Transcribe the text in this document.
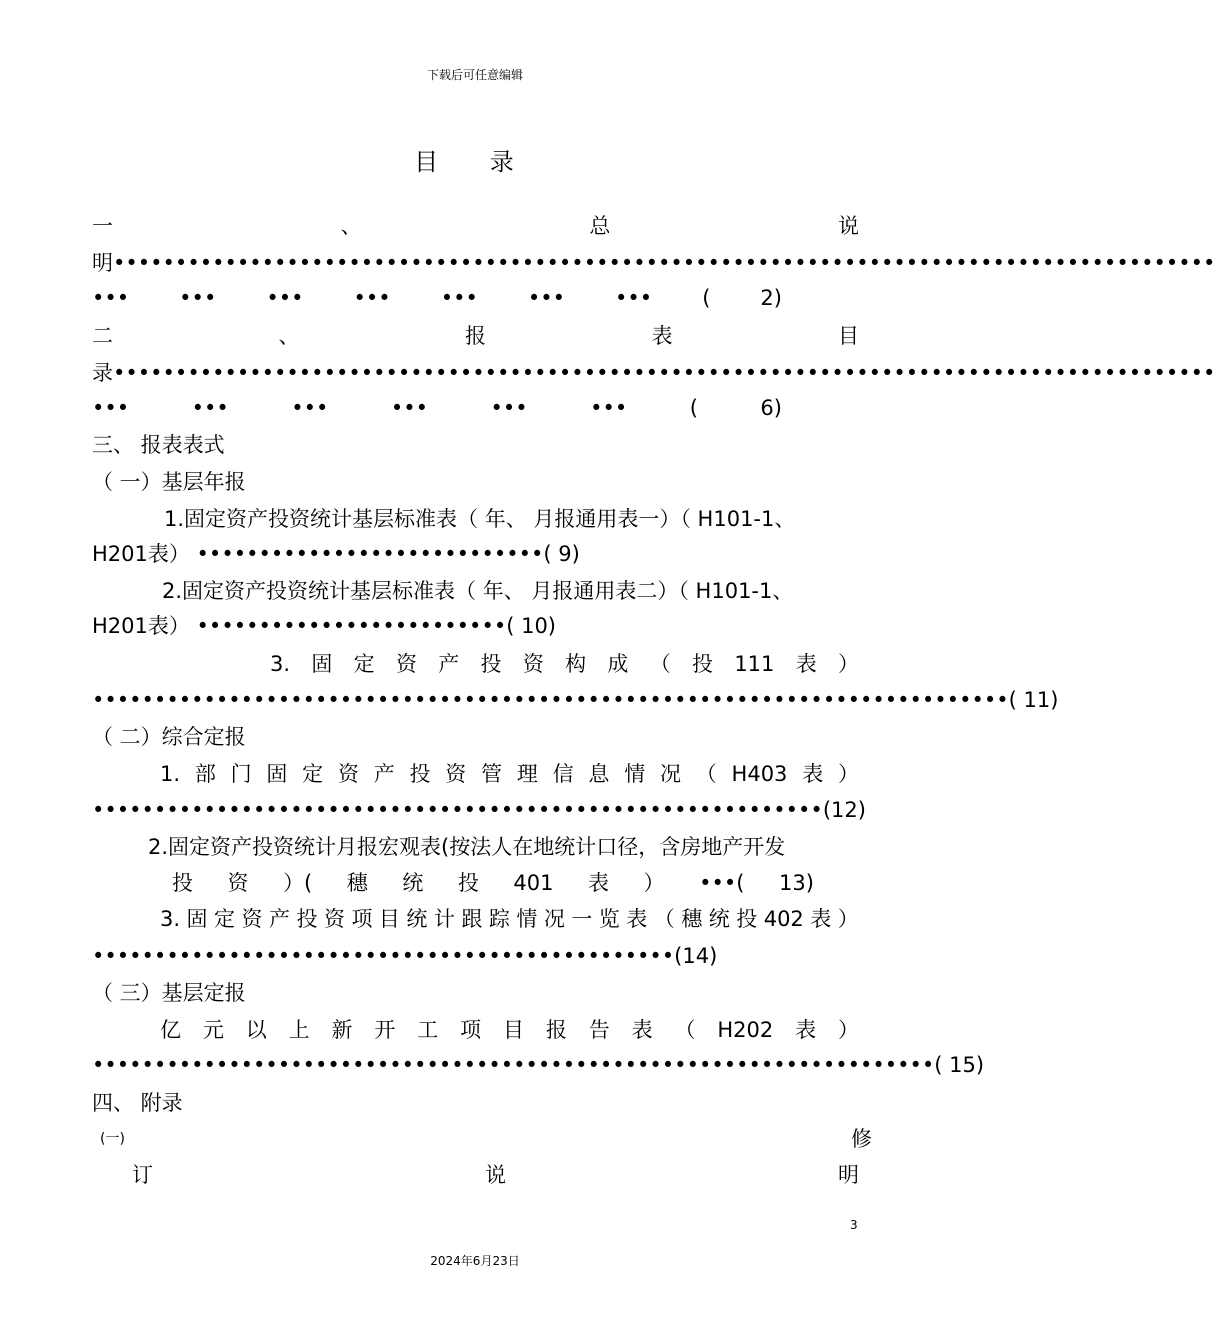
下载后可任意编辑
目 录
一	、	总	说
明•••••••••••••••••••••••••••••••••••••••••••••••••••••••••••••••••••••••••••••••••••••••••
••• ••• ••• ••• ••• ••• ••• ( 2)
二	、	报	表	目
录•••••••••••••••••••••••••••••••••••••••••••••••••••••••••••••••••••••••••••••••••••••••••
•••	•••	•••	•••	•••	•••	(	6)
三、 报表表式
（ 一）基层年报
1.固定资产投资统计基层标准表（ 年、 月报通用表一）（ H101-1、
H201表） ••••••••••••••••••••••••••••( 9)
2.固定资产投资统计基层标准表（ 年、 月报通用表二）（ H101-1、
H201表） •••••••••••••••••••••••••( 10)
3. 固 定 资 产 投 资 构 成 （ 投 111 表 ）
••••••••••••••••••••••••••••••••••••••••••••••••••••••••••••••••••••••••••( 11)
（ 二）综合定报
1. 部 门 固 定 资 产 投 资 管 理 信 息 情 况 （ H403 表 ）
••••••••••••••••••••••••••••••••••••••••••••••••••••••••••• ( 12)
2.固定资产投资统计月报宏观表(按法人在地统计口径，含房地产开发
投 资 ）( 穗 统 投 401 表 ） •••( 13)
3. 固 定 资 产 投 资 项 目 统 计 跟 踪 情 况 一 览 表 （ 穗 统 投 402 表 ）
•••••••••••••••••••••••••••••••••••••••••••••••( 14)
（ 三）基层定报
亿 元 以 上 新 开 工 项 目 报 告 表 （ H202 表 ）
••••••••••••••••••••••••••••••••••••••••••••••••••••••••••••••••••••( 15)
四、 附录
(一)	修
订	说	明
3
2024年6月23日
